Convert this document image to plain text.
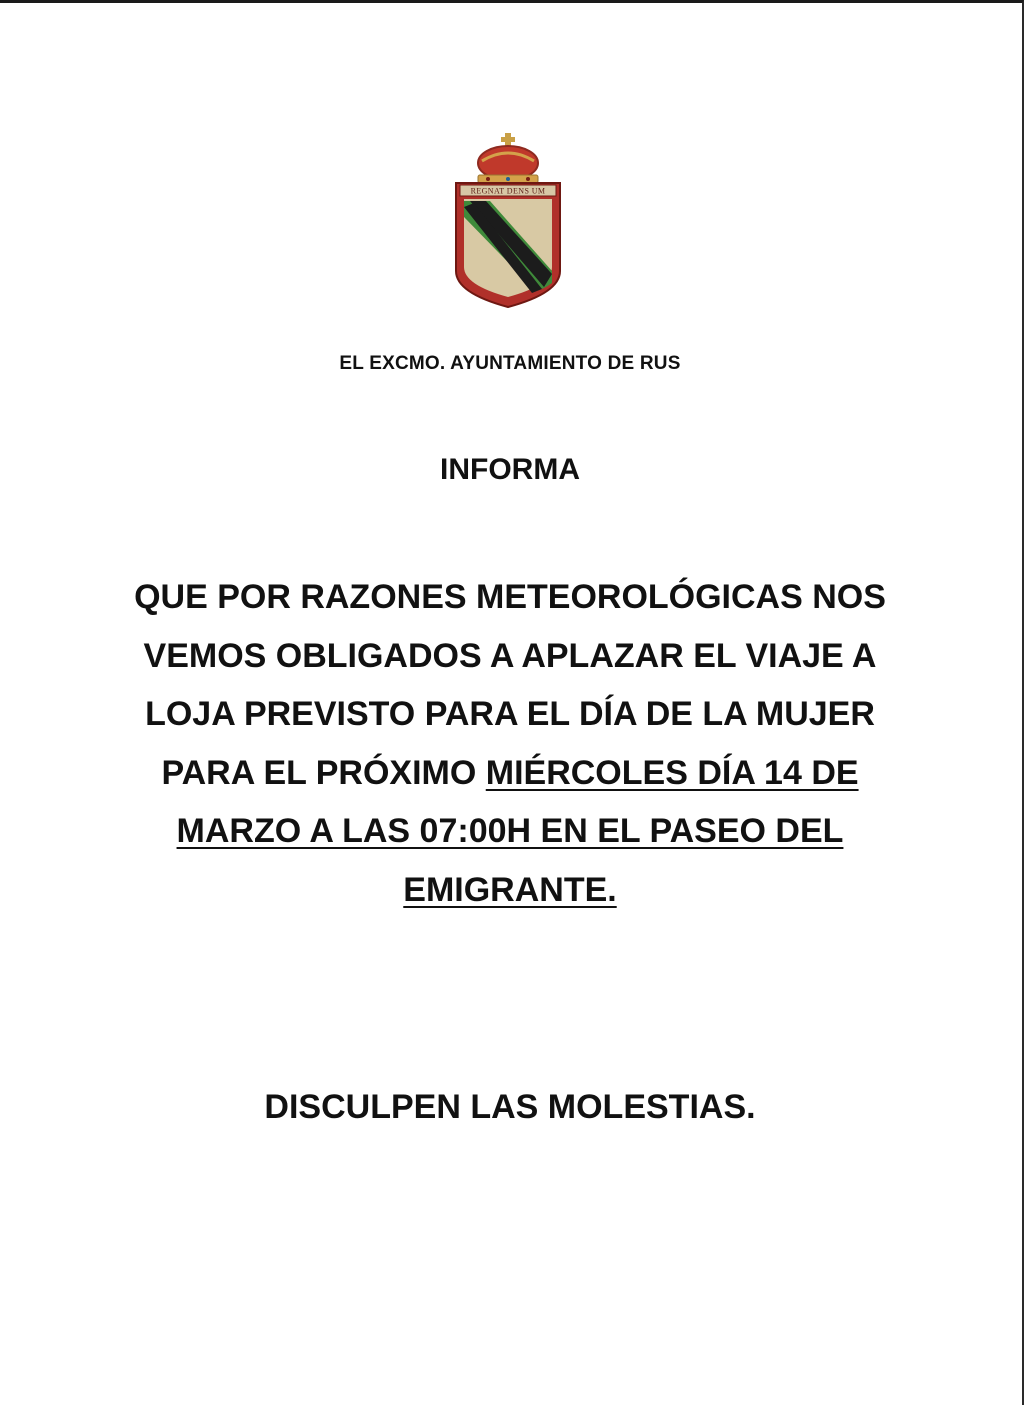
REGNAT DENS UM
EL EXCMO. AYUNTAMIENTO DE RUS
INFORMA
QUE POR RAZONES METEOROLÓGICAS NOS VEMOS OBLIGADOS A APLAZAR EL VIAJE A LOJA PREVISTO PARA EL DÍA DE LA MUJER PARA EL PRÓXIMO MIÉRCOLES DÍA 14 DE MARZO A LAS 07:00H EN EL PASEO DEL EMIGRANTE.
DISCULPEN LAS MOLESTIAS.
